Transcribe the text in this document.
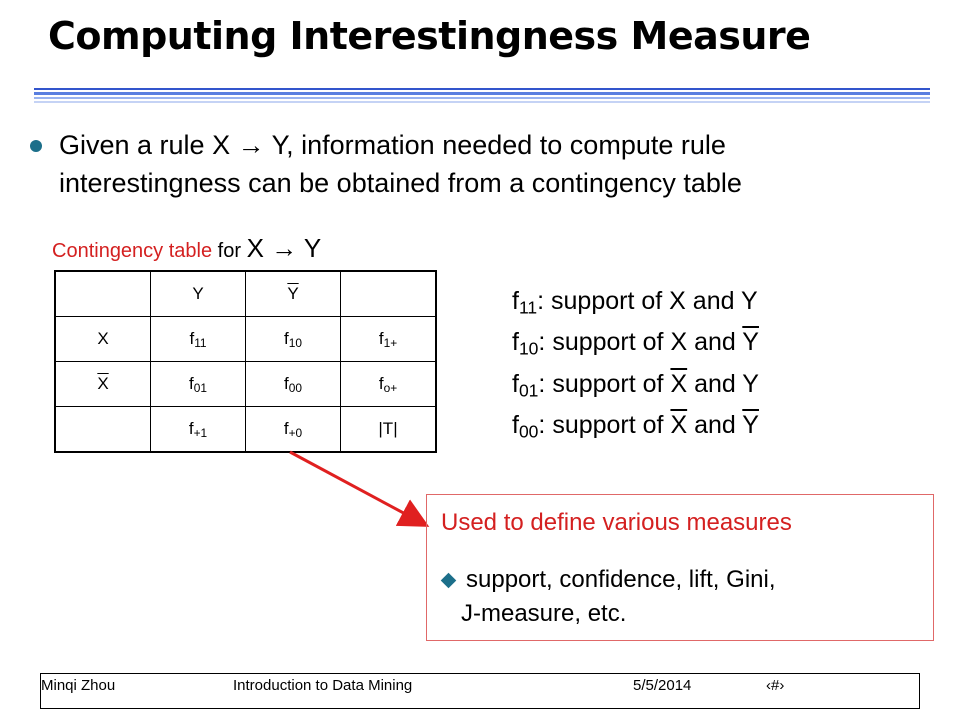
Computing Interestingness Measure
Given a rule X → Y, information needed to compute rule
interestingness can be obtained from a contingency table
Contingency table for X → Y
	Y	$\overline{Y}$	
X	$f_{11}$	$f_{10}$	$f_{1+}$
$\overline{X}$	$f_{01}$	$f_{00}$	$f_{o+}$
	$f_{+1}$	$f_{+0}$	|T|
$f_{11}$: support of X and Y
$f_{10}$: support of X and $\overline{Y}$
$f_{01}$: support of $\overline{X}$ and Y
$f_{00}$: support of $\overline{X}$ and $\overline{Y}$
Used to define various measures
support, confidence, lift, Gini,
J-measure, etc.
Minqi Zhou	Introduction to Data Mining	5/5/2014	‹#›
